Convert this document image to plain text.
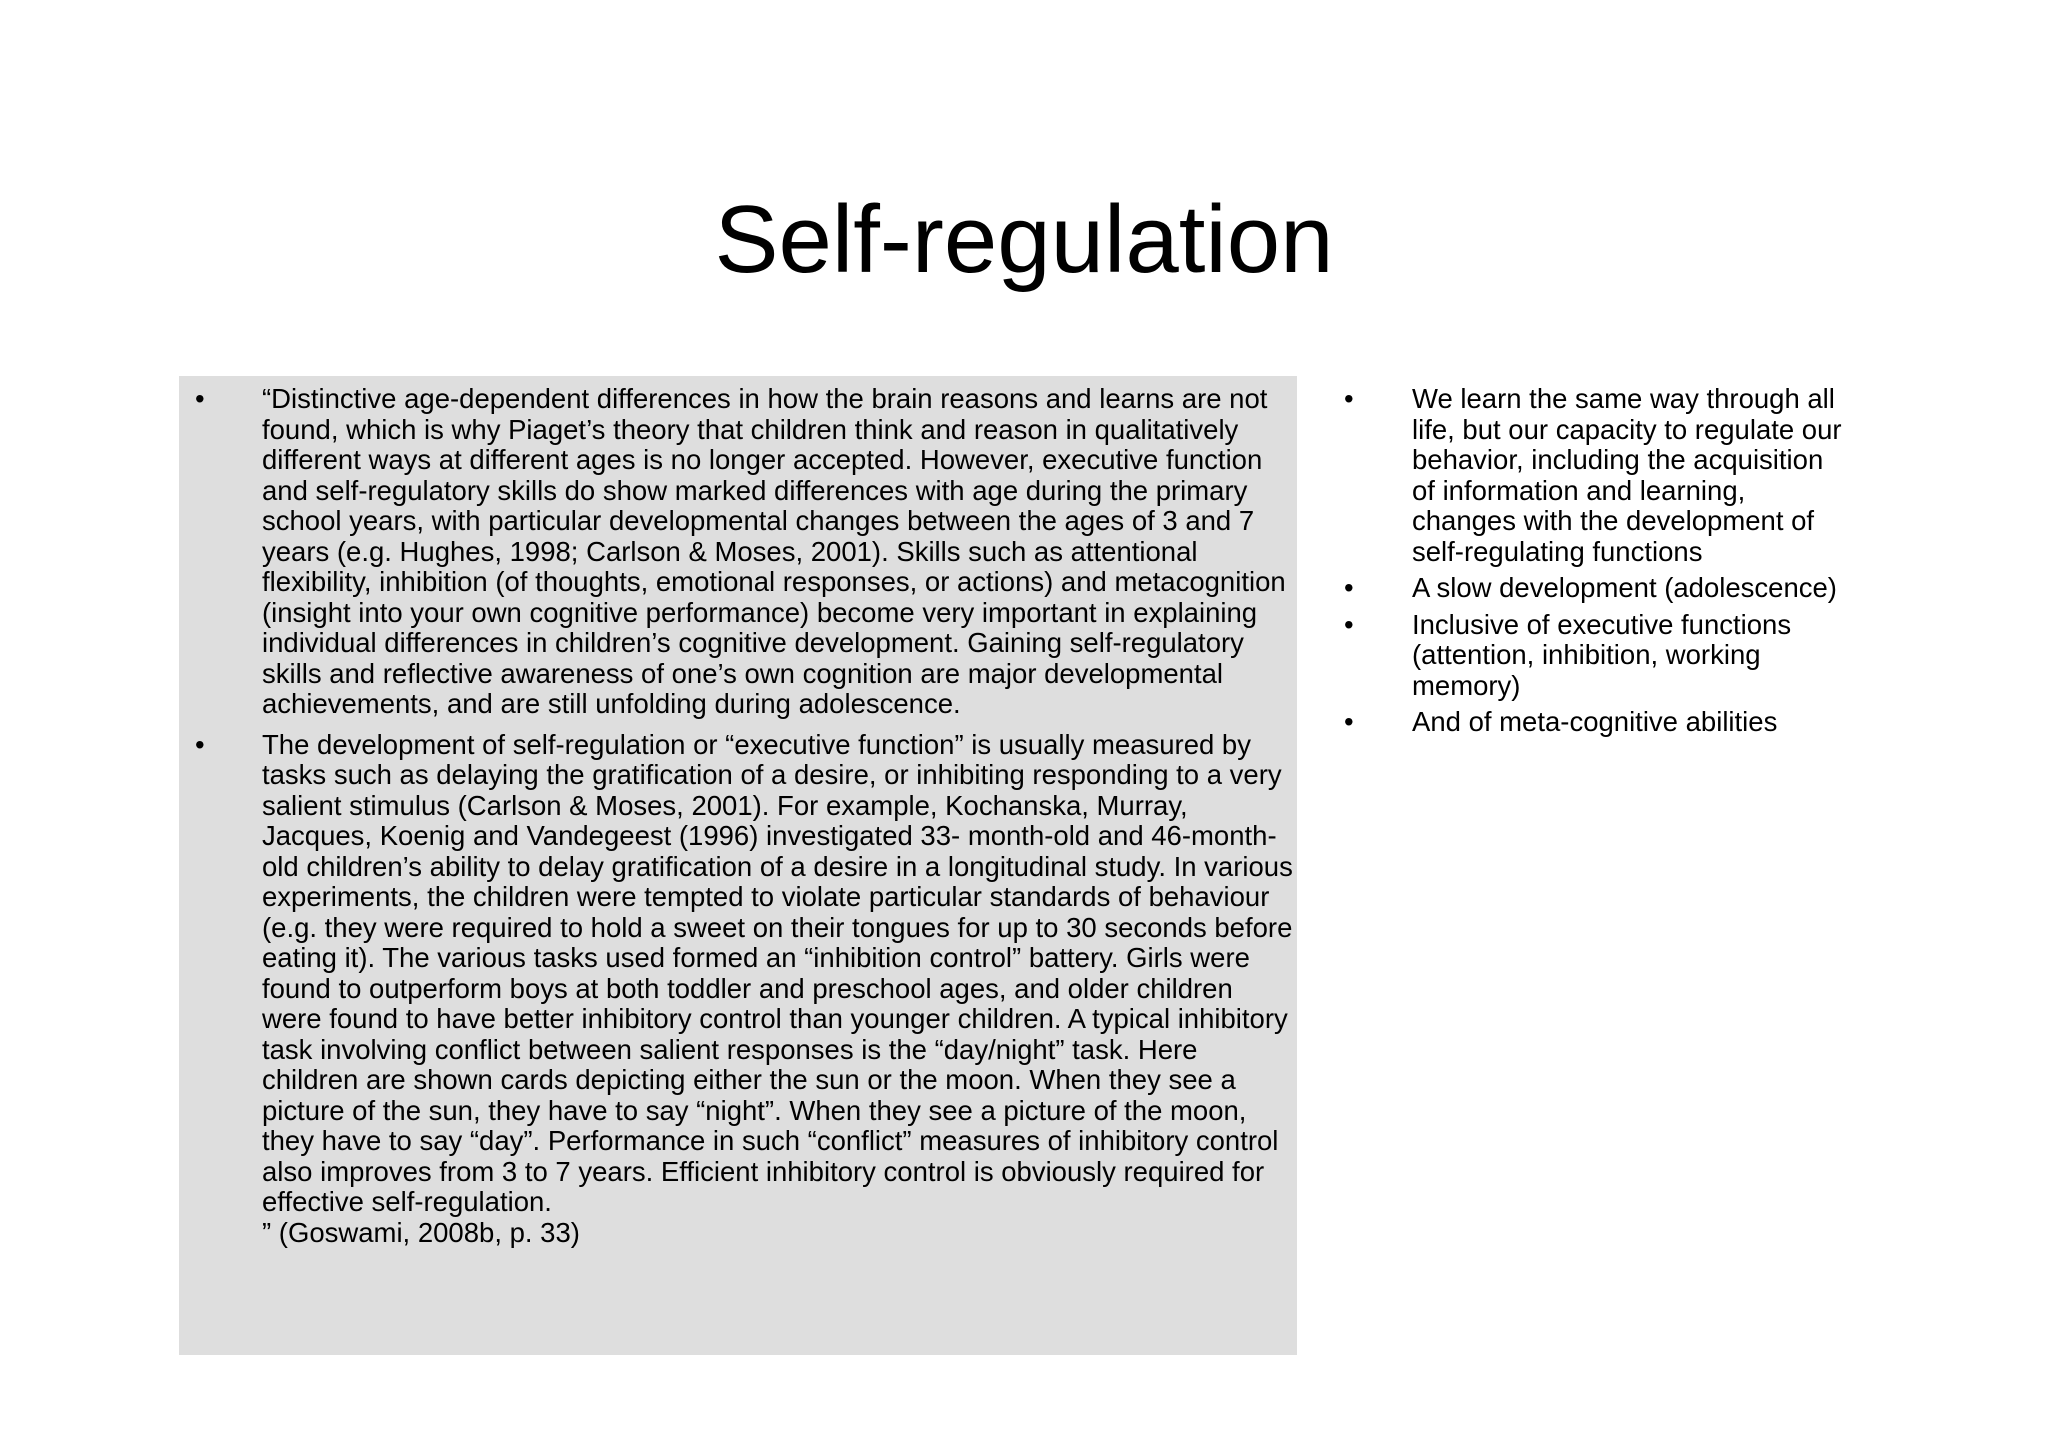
Self-regulation
•	“Distinctive age-dependent differences in how the brain reasons and learns are not found, which is why Piaget’s theory that children think and reason in qualitatively different ways at different ages is no longer accepted. However, executive function and self-regulatory skills do show marked differences with age during the primary school years, with particular developmental changes between the ages of 3 and 7 years (e.g. Hughes, 1998; Carlson & Moses, 2001). Skills such as attentional flexibility, inhibition (of thoughts, emotional responses, or actions) and metacognition (insight into your own cognitive performance) become very important in explaining individual differences in children’s cognitive development. Gaining self-regulatory skills and reflective awareness of one’s own cognition are major developmental achievements, and are still unfolding during adolescence.
•	The development of self-regulation or “executive function” is usually measured by tasks such as delaying the gratification of a desire, or inhibiting responding to a very salient stimulus (Carlson & Moses, 2001). For example, Kochanska, Murray, Jacques, Koenig and Vandegeest (1996) investigated 33- month-old and 46-month-old children’s ability to delay gratification of a desire in a longitudinal study. In various experiments, the children were tempted to violate particular standards of behaviour (e.g. they were required to hold a sweet on their tongues for up to 30 seconds before eating it). The various tasks used formed an “inhibition control” battery. Girls were found to outperform boys at both toddler and preschool ages, and older children were found to have better inhibitory control than younger children. A typical inhibitory task involving conflict between salient responses is the “day/night” task. Here children are shown cards depicting either the sun or the moon. When they see a picture of the sun, they have to say “night”. When they see a picture of the moon, they have to say “day”. Performance in such “conflict” measures of inhibitory control also improves from 3 to 7 years. Efficient inhibitory control is obviously required for effective self-regulation.
” (Goswami, 2008b, p. 33)
•	We learn the same way through all life, but our capacity to regulate our behavior, including the acquisition of information and learning, changes with the development of self-regulating functions
•	A slow development (adolescence)
•	Inclusive of executive functions (attention, inhibition, working memory)
•	And of meta-cognitive abilities
